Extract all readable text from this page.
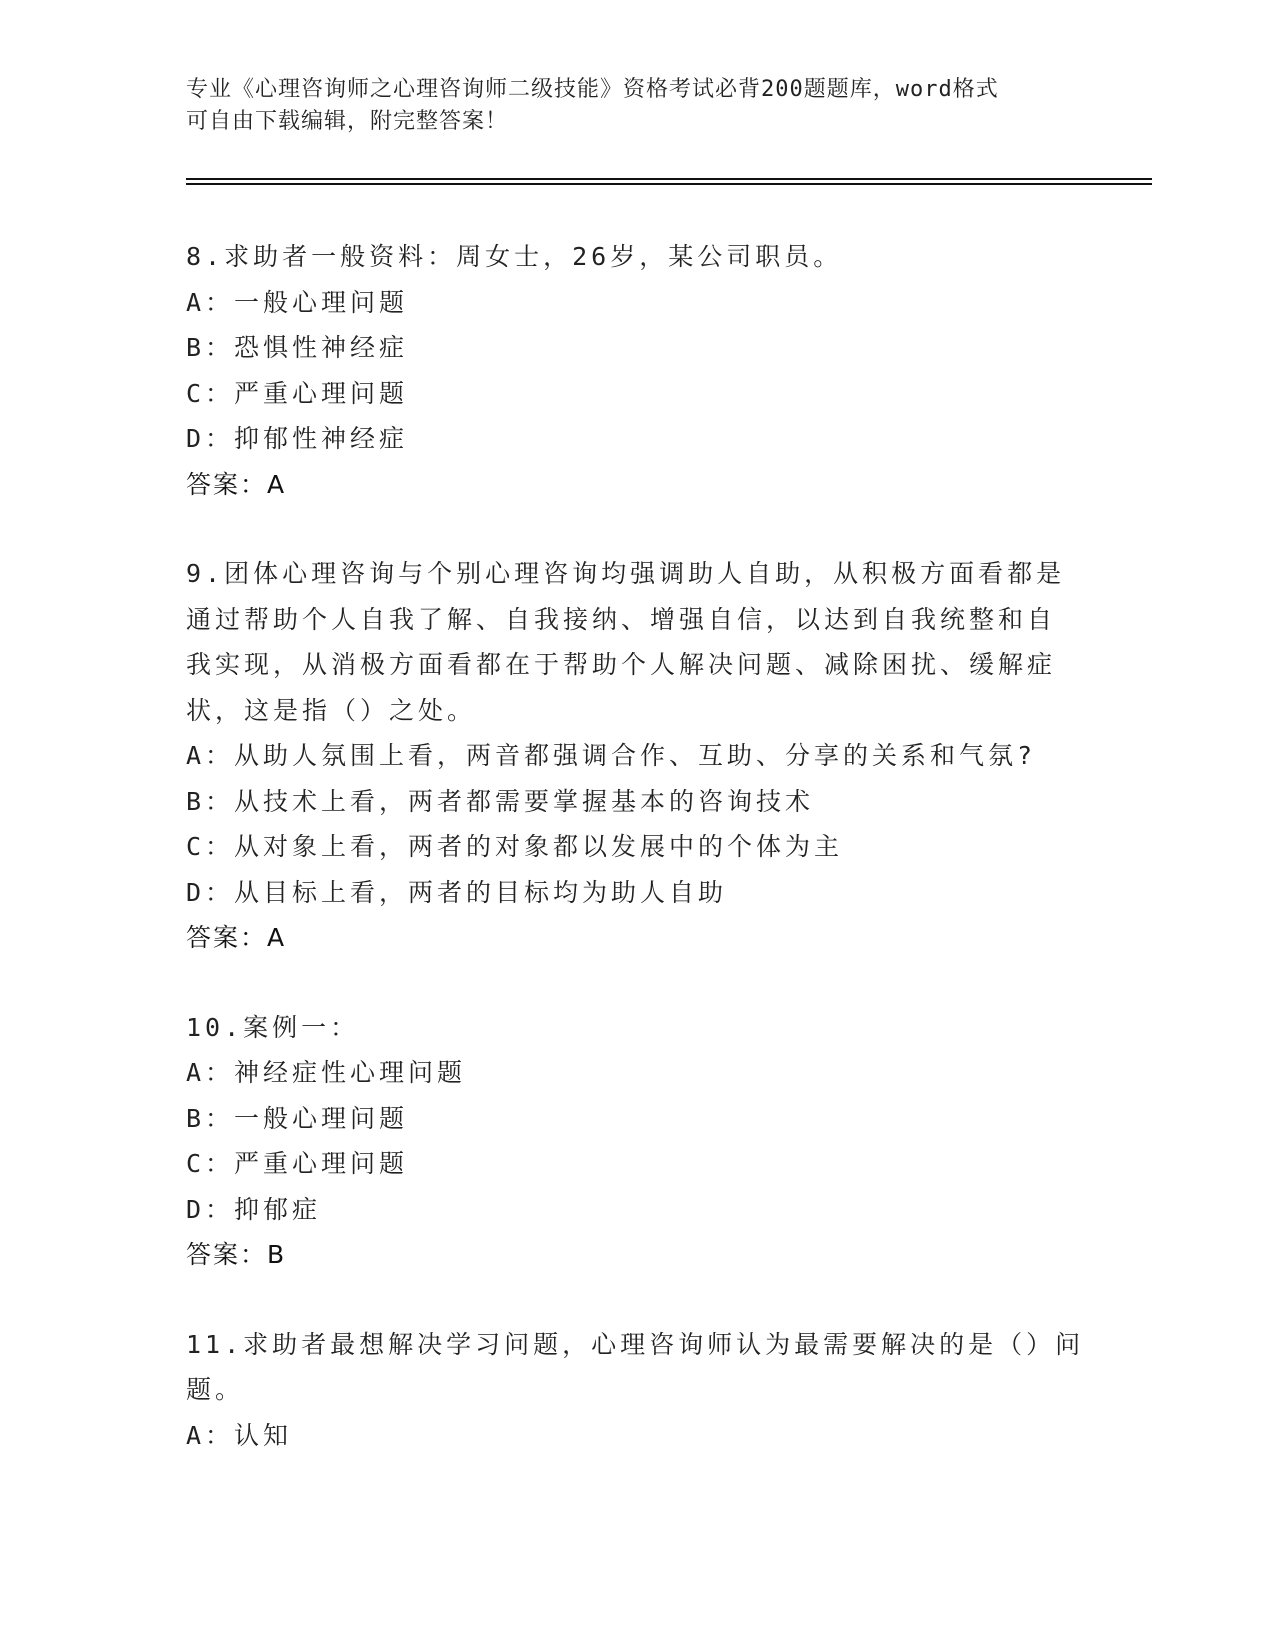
专业《心理咨询师之心理咨询师二级技能》资格考试必背200题题库，word格式
可自由下载编辑，附完整答案！
8.求助者一般资料：周女士，26岁，某公司职员。
A：一般心理问题
B：恐惧性神经症
C：严重心理问题
D：抑郁性神经症
答案：A
9.团体心理咨询与个别心理咨询均强调助人自助，从积极方面看都是
通过帮助个人自我了解、自我接纳、增强自信，以达到自我统整和自
我实现，从消极方面看都在于帮助个人解决问题、减除困扰、缓解症
状，这是指（）之处。
A：从助人氛围上看，两音都强调合作、互助、分享的关系和气氛?
B：从技术上看，两者都需要掌握基本的咨询技术
C：从对象上看，两者的对象都以发展中的个体为主
D：从目标上看，两者的目标均为助人自助
答案：A
10.案例一：
A：神经症性心理问题
B：一般心理问题
C：严重心理问题
D：抑郁症
答案：B
11.求助者最想解决学习问题，心理咨询师认为最需要解决的是（）问
题。
A：认知
